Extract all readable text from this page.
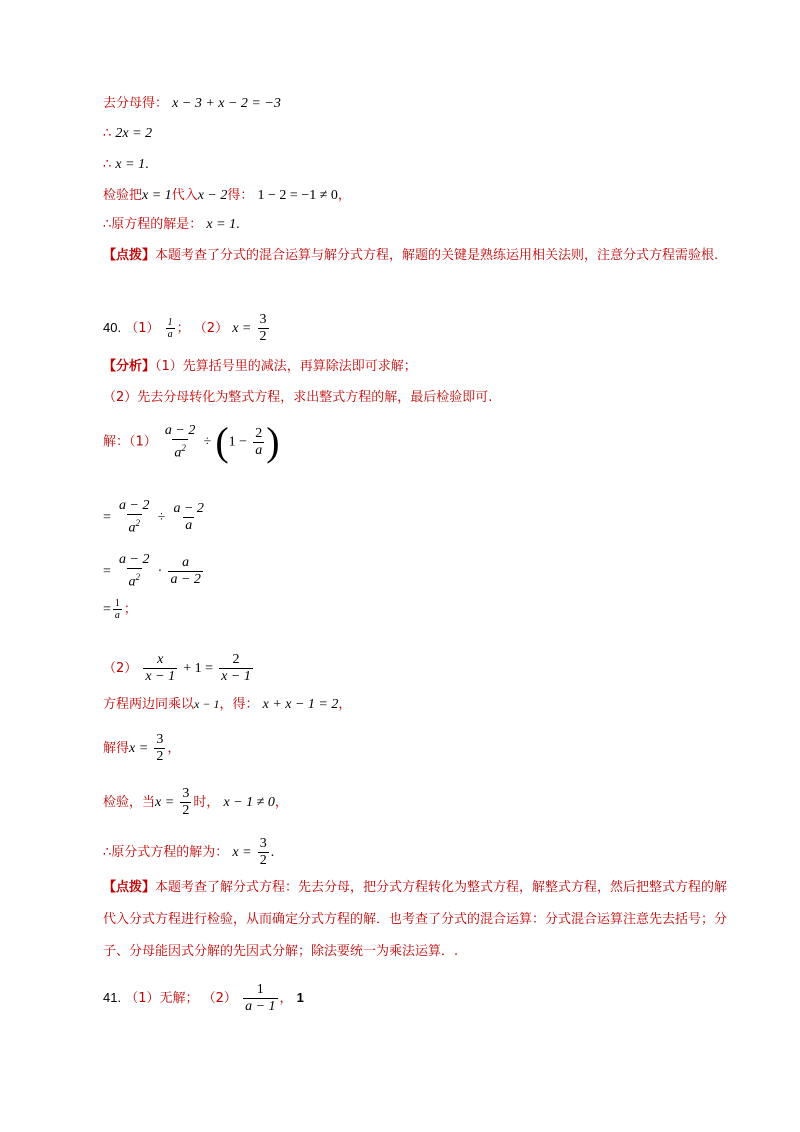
去分母得： x − 3 + x − 2 = −3
∴ 2x = 2
∴ x = 1.
检验把x = 1代入x − 2得： 1 − 2 = −1 ≠ 0，
∴原方程的解是： x = 1.
【点拨】本题考查了分式的混合运算与解分式方程，解题的关键是熟练运用相关法则，注意分式方程需验根.
40. $(1) \frac{1}{a}$ ； （2） $x = \frac{3}{2}$
【分析】（1）先算括号里的减法，再算除法即可求解；
（2）先去分母转化为整式方程，求出整式方程的解，最后检验即可.
解：$(1) \frac{a - 2}{a^2} \div (1 - \frac{2}{a}$ )
= $\frac{a - 2}{a^2} \div \frac{a - 2}{a}$
= $\frac{a - 2}{a^2} \cdot \frac{a}{a - 2}$
= $\frac{1}{a}$ ；
$(2) \frac{x}{x - 1} + 1 = \frac{2}{x - 1}$
方程两边同乘以x − 1，得： x + x − 1 = 2，
解得$x = \frac{3}{2}$ ，
检验，当$x = \frac{3}{2}$ 时， x − 1 ≠ 0，
∴原分式方程的解为： $x = \frac{3}{2}$ .
【点拨】本题考查了解分式方程：先去分母，把分式方程转化为整式方程，解整式方程，然后把整式方程的解代入分式方程进行检验，从而确定分式方程的解．也考查了分式的混合运算：分式混合运算注意先去括号；分子、分母能因式分解的先因式分解；除法要统一为乘法运算．.
41. （1）无解； $(2) \frac{1}{a - 1}$ ， 1
